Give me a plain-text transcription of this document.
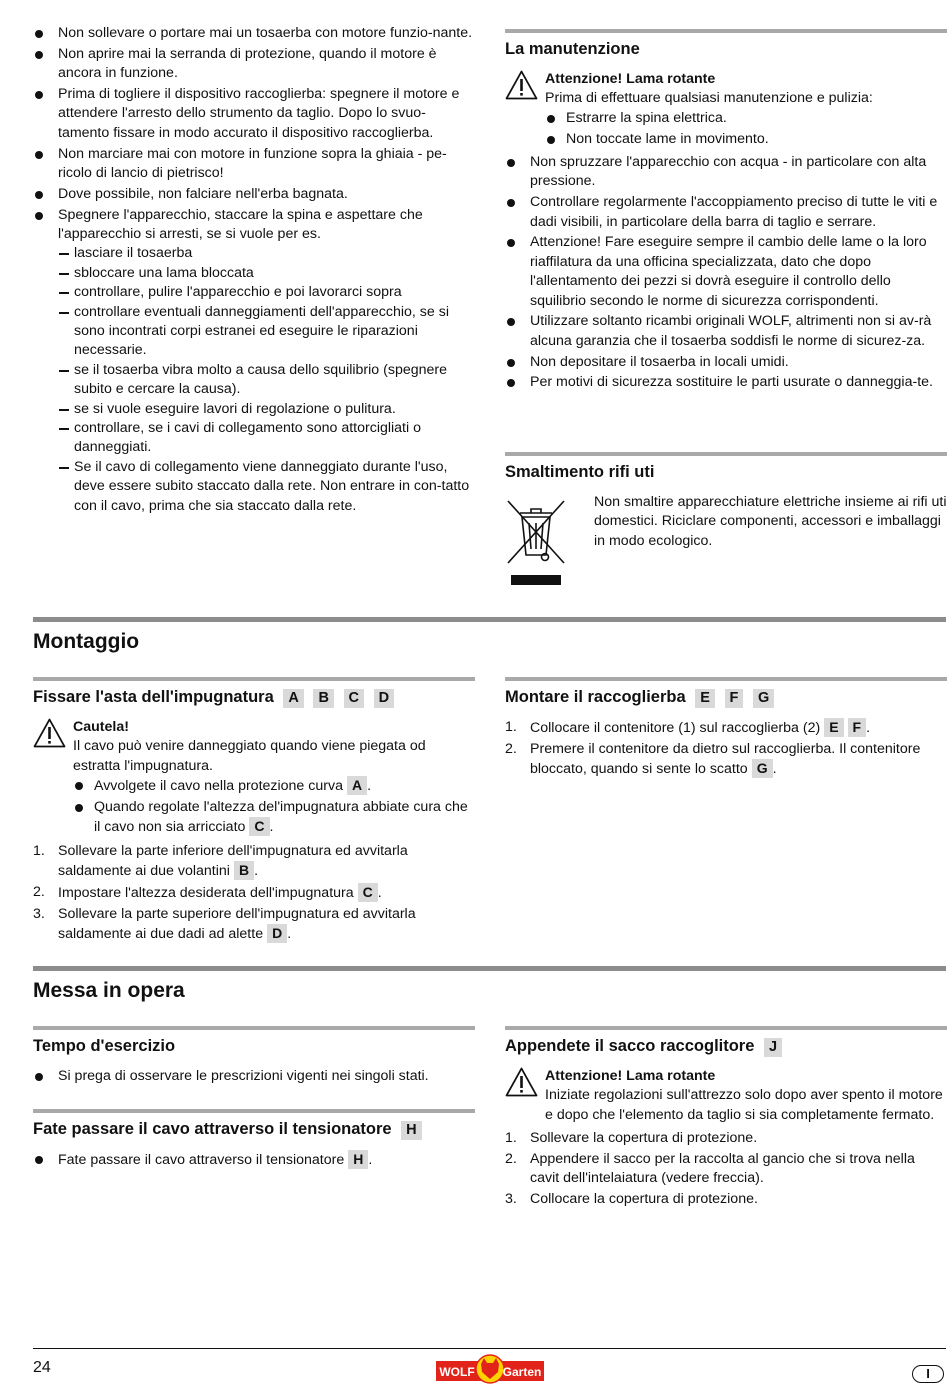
Non sollevare o portare mai un tosaerba con motore funzio-nante.
Non aprire mai la serranda di protezione, quando il motore è ancora in funzione.
Prima di togliere il dispositivo raccoglierba: spegnere il motore e attendere l'arresto dello strumento da taglio. Dopo lo svuo-tamento fissare in modo accurato il dispositivo raccoglierba.
Non marciare mai con motore in funzione sopra la ghiaia - pe-ricolo di lancio di pietrisco!
Dove possibile, non falciare nell'erba bagnata.
Spegnere l'apparecchio, staccare la spina e aspettare che l'apparecchio si arresti, se si vuole per es.
lasciare il tosaerba
sbloccare una lama bloccata
controllare, pulire l'apparecchio e poi lavorarci sopra
controllare eventuali danneggiamenti dell'apparecchio, se si sono incontrati corpi estranei ed eseguire le riparazioni necessarie.
se il tosaerba vibra molto a causa dello squilibrio (spegnere subito e cercare la causa).
se si vuole eseguire lavori di regolazione o pulitura.
controllare, se i cavi di collegamento sono attorcigliati o danneggiati.
Se il cavo di collegamento viene danneggiato durante l'uso, deve essere subito staccato dalla rete. Non entrare in con-tatto con il cavo, prima che sia staccato dalla rete.
La manutenzione
Attenzione! Lama rotante
Prima di effettuare qualsiasi manutenzione e pulizia:
Estrarre la spina elettrica.
Non toccate lame in movimento.
Non spruzzare l'apparecchio con acqua - in particolare con alta pressione.
Controllare regolarmente l'accoppiamento preciso di tutte le viti e dadi visibili, in particolare della barra di taglio e serrare.
Attenzione! Fare eseguire sempre il cambio delle lame o la loro riaffilatura da una officina specializzata, dato che dopo l'allentamento dei pezzi si dovrà eseguire il controllo dello squilibrio secondo le norme di sicurezza corrispondenti.
Utilizzare soltanto ricambi originali WOLF, altrimenti non si av-rà alcuna garanzia che il tosaerba soddisfi le norme di sicurez-za.
Non depositare il tosaerba in locali umidi.
Per motivi di sicurezza sostituire le parti usurate o danneggia-te.
Smaltimento rifi uti
Non smaltire apparecchiature elettriche insieme ai rifi uti domestici. Riciclare componenti, accessori e imballaggi in modo ecologico.
Montaggio
Fissare l'asta dell'impugnatura A B C D
Cautela!
Il cavo può venire danneggiato quando viene piegata od estratta l'impugnatura.
Avvolgete il cavo nella protezione curva A .
Quando regolate l'altezza del'impugnatura abbiate cura che il cavo non sia arricciato C .
1. Sollevare la parte inferiore dell'impugnatura ed avvitarla saldamente ai due volantini B .
2. Impostare l'altezza desiderata dell'impugnatura C .
3. Sollevare la parte superiore dell'impugnatura ed avvitarla saldamente ai due dadi ad alette D .
Montare il raccoglierba E F G
1. Collocare il contenitore (1) sul raccoglierba (2) E F .
2. Premere il contenitore da dietro sul raccoglierba. Il contenitore bloccato, quando si sente lo scatto G .
Messa in opera
Tempo d'esercizio
Si prega di osservare le prescrizioni vigenti nei singoli stati.
Fate passare il cavo attraverso il tensionatore H
Fate passare il cavo attraverso il tensionatore H .
Appendete il sacco raccoglitore J
Attenzione! Lama rotante
Iniziate regolazioni sull'attrezzo solo dopo aver spento il motore e dopo che l'elemento da taglio si sia completamente fermato.
1. Sollevare la copertura di protezione.
2. Appendere il sacco per la raccolta al gancio che si trova nella cavit dell'intelaiatura (vedere freccia).
3. Collocare la copertura di protezione.
24	WOLF Garten	I
